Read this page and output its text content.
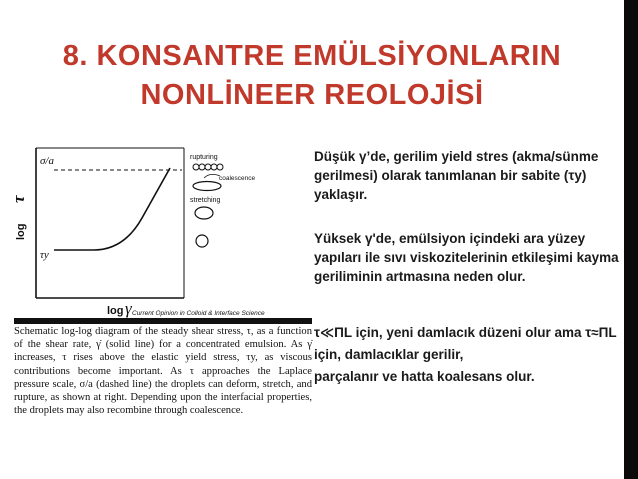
8. KONSANTRE EMÜLSİYONLARIN
NONLİNEER REOLOJİSİ
τ
log
log γ
σ/a
τy
rupturing
coalescence
stretching
Current Opinion in Colloid & Interface Science
Schematic log-log diagram of the steady shear stress, τ, as a function of the shear rate, γ̇ (solid line) for a concentrated emulsion. As γ̇ increases, τ rises above the elastic yield stress, τy, as viscous contributions become important. As τ approaches the Laplace pressure scale, σ/a (dashed line) the droplets can deform, stretch, and rupture, as shown at right. Depending upon the interfacial properties, the droplets may also recombine through coalescence.
Düşük γ’de, gerilim yield stres (akma/sünme gerilmesi) olarak tanımlanan bir sabite (τy) yaklaşır.
Yüksek γ'de, emülsiyon içindeki ara yüzey yapıları ile sıvı viskozitelerinin etkileşimi kayma geriliminin artmasına neden olur.
τ≪ΠL için, yeni damlacık düzeni olur ama τ≈ΠL için, damlacıklar gerilir,
parçalanır ve hatta koalesans olur.
